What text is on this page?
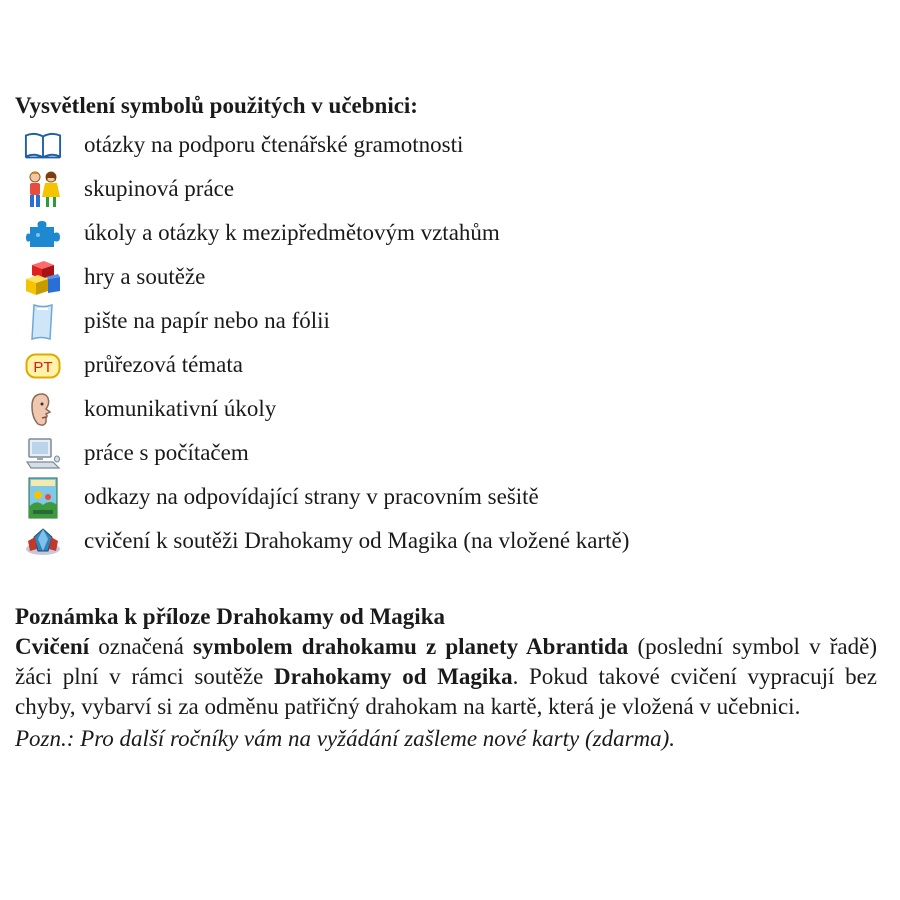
Vysvětlení symbolů použitých v učebnici:
otázky na podporu čtenářské gramotnosti
skupinová práce
úkoly a otázky k mezipředmětovým vztahům
hry a soutěže
pište na papír nebo na fólii
PT průřezová témata
komunikativní úkoly
práce s počítačem
odkazy na odpovídající strany v pracovním sešitě
cvičení k soutěži Drahokamy od Magika (na vložené kartě)
Poznámka k příloze Drahokamy od Magika

Cvičení označená symbolem drahokamu z planety Abrantida (poslední symbol v řadě) žáci plní v rámci soutěže Drahokamy od Magika. Pokud takové cvičení vypracují bez chyby, vybarví si za odměnu patřičný drahokam na kartě, která je vložená v učebnici.

Pozn.: Pro další ročníky vám na vyžádání zašleme nové karty (zdarma).
